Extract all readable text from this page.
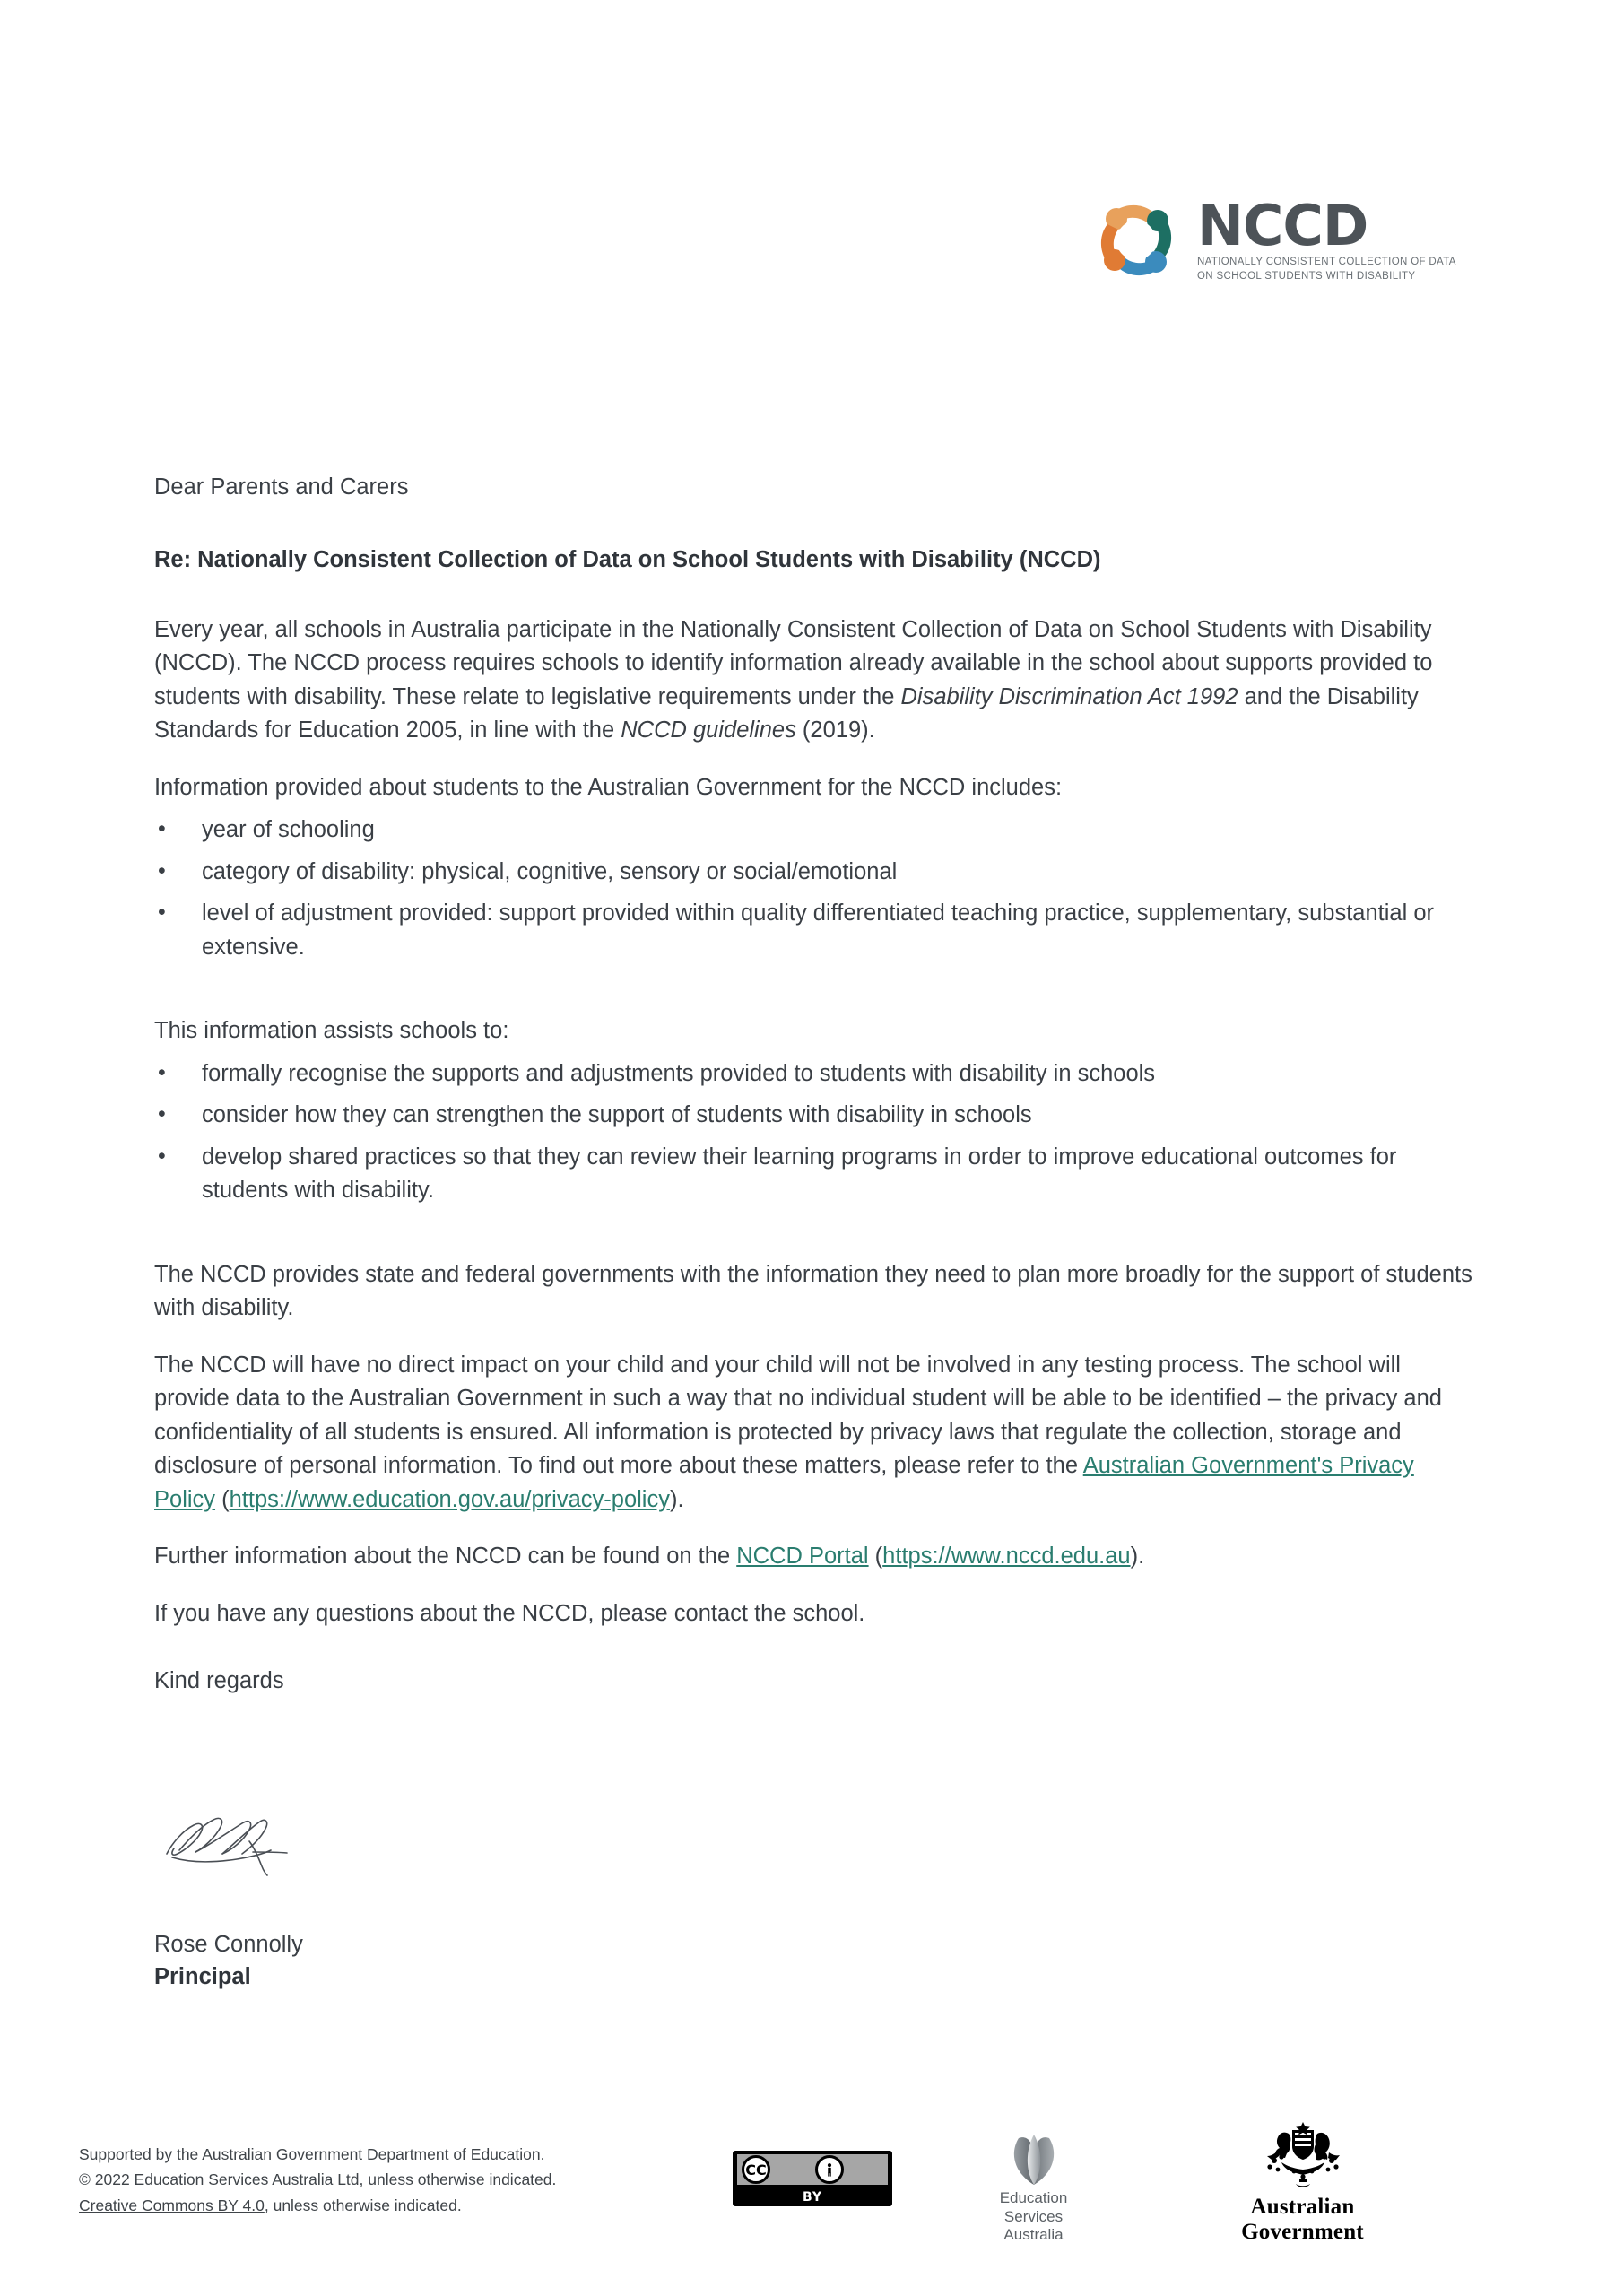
NCCD
NATIONALLY CONSISTENT COLLECTION OF DATA
ON SCHOOL STUDENTS WITH DISABILITY

Dear Parents and Carers

Re: Nationally Consistent Collection of Data on School Students with Disability (NCCD)

Every year, all schools in Australia participate in the Nationally Consistent Collection of Data on School Students with Disability (NCCD). The NCCD process requires schools to identify information already available in the school about supports provided to students with disability. These relate to legislative requirements under the Disability Discrimination Act 1992 and the Disability Standards for Education 2005, in line with the NCCD guidelines (2019).

Information provided about students to the Australian Government for the NCCD includes:

• year of schooling
• category of disability: physical, cognitive, sensory or social/emotional
• level of adjustment provided: support provided within quality differentiated teaching practice, supplementary, substantial or extensive.

This information assists schools to:

• formally recognise the supports and adjustments provided to students with disability in schools
• consider how they can strengthen the support of students with disability in schools
• develop shared practices so that they can review their learning programs in order to improve educational outcomes for students with disability.

The NCCD provides state and federal governments with the information they need to plan more broadly for the support of students with disability.

The NCCD will have no direct impact on your child and your child will not be involved in any testing process. The school will provide data to the Australian Government in such a way that no individual student will be able to be identified – the privacy and confidentiality of all students is ensured. All information is protected by privacy laws that regulate the collection, storage and disclosure of personal information. To find out more about these matters, please refer to the Australian Government's Privacy Policy (https://www.education.gov.au/privacy-policy).

Further information about the NCCD can be found on the NCCD Portal (https://www.nccd.edu.au).

If you have any questions about the NCCD, please contact the school.

Kind regards

Rose Connolly
Principal
Supported by the Australian Government Department of Education.
© 2022 Education Services Australia Ltd, unless otherwise indicated.
Creative Commons BY 4.0, unless otherwise indicated.
CC
BY	Education
Services
Australia
Australian Government
